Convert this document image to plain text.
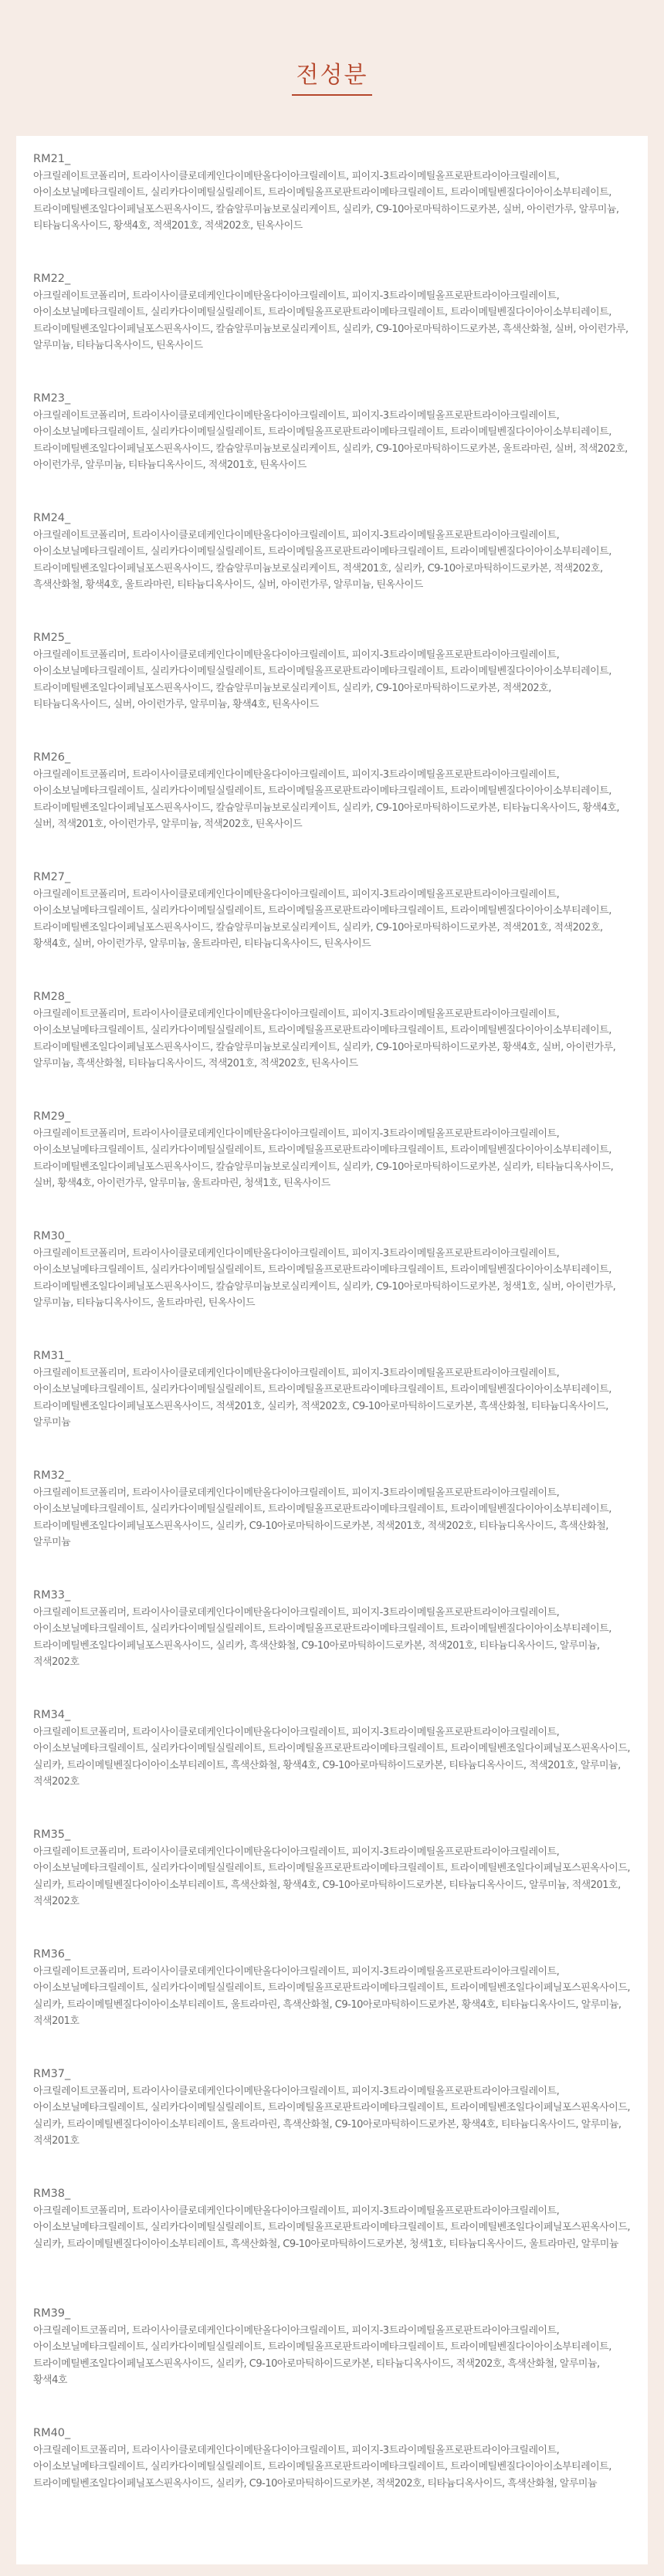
전성분
RM21_
아크릴레이트코폴리머, 트라이사이클로데케인다이메탄올다이아크릴레이트, 피이지-3트라이메틸올프로판트라이아크릴레이트, 아이소보닐메타크릴레이트, 실리카다이메틸실릴레이트, 트라이메틸올프로판트라이메타크릴레이트, 트라이메틸벤질다이아이소부티레이트, 트라이메틸벤조일다이페닐포스핀옥사이드, 칼슘알루미늄보로실리케이트, 실리카, C9-10아로마틱하이드로카본, 실버, 아이런가루, 알루미늄, 티타늄디옥사이드, 황색4호, 적색201호, 적색202호, 틴옥사이드
RM22_
아크릴레이트코폴리머, 트라이사이클로데케인다이메탄올다이아크릴레이트, 피이지-3트라이메틸올프로판트라이아크릴레이트, 아이소보닐메타크릴레이트, 실리카다이메틸실릴레이트, 트라이메틸올프로판트라이메타크릴레이트, 트라이메틸벤질다이아이소부티레이트, 트라이메틸벤조일다이페닐포스핀옥사이드, 칼슘알루미늄보로실리케이트, 실리카, C9-10아로마틱하이드로카본, 흑색산화철, 실버, 아이런가루, 알루미늄, 티타늄디옥사이드, 틴옥사이드
RM23_
아크릴레이트코폴리머, 트라이사이클로데케인다이메탄올다이아크릴레이트, 피이지-3트라이메틸올프로판트라이아크릴레이트, 아이소보닐메타크릴레이트, 실리카다이메틸실릴레이트, 트라이메틸올프로판트라이메타크릴레이트, 트라이메틸벤질다이아이소부티레이트, 트라이메틸벤조일다이페닐포스핀옥사이드, 칼슘알루미늄보로실리케이트, 실리카, C9-10아로마틱하이드로카본, 울트라마린, 실버, 적색202호, 아이런가루, 알루미늄, 티타늄디옥사이드, 적색201호, 틴옥사이드
RM24_
아크릴레이트코폴리머, 트라이사이클로데케인다이메탄올다이아크릴레이트, 피이지-3트라이메틸올프로판트라이아크릴레이트, 아이소보닐메타크릴레이트, 실리카다이메틸실릴레이트, 트라이메틸올프로판트라이메타크릴레이트, 트라이메틸벤질다이아이소부티레이트, 트라이메틸벤조일다이페닐포스핀옥사이드, 칼슘알루미늄보로실리케이트, 적색201호, 실리카, C9-10아로마틱하이드로카본, 적색202호, 흑색산화철, 황색4호, 울트라마린, 티타늄디옥사이드, 실버, 아이런가루, 알루미늄, 틴옥사이드
RM25_
아크릴레이트코폴리머, 트라이사이클로데케인다이메탄올다이아크릴레이트, 피이지-3트라이메틸올프로판트라이아크릴레이트, 아이소보닐메타크릴레이트, 실리카다이메틸실릴레이트, 트라이메틸올프로판트라이메타크릴레이트, 트라이메틸벤질다이아이소부티레이트, 트라이메틸벤조일다이페닐포스핀옥사이드, 칼슘알루미늄보로실리케이트, 실리카, C9-10아로마틱하이드로카본, 적색202호, 티타늄디옥사이드, 실버, 아이런가루, 알루미늄, 황색4호, 틴옥사이드
RM26_
아크릴레이트코폴리머, 트라이사이클로데케인다이메탄올다이아크릴레이트, 피이지-3트라이메틸올프로판트라이아크릴레이트, 아이소보닐메타크릴레이트, 실리카다이메틸실릴레이트, 트라이메틸올프로판트라이메타크릴레이트, 트라이메틸벤질다이아이소부티레이트, 트라이메틸벤조일다이페닐포스핀옥사이드, 칼슘알루미늄보로실리케이트, 실리카, C9-10아로마틱하이드로카본, 티타늄디옥사이드, 황색4호, 실버, 적색201호, 아이런가루, 알루미늄, 적색202호, 틴옥사이드
RM27_
아크릴레이트코폴리머, 트라이사이클로데케인다이메탄올다이아크릴레이트, 피이지-3트라이메틸올프로판트라이아크릴레이트, 아이소보닐메타크릴레이트, 실리카다이메틸실릴레이트, 트라이메틸올프로판트라이메타크릴레이트, 트라이메틸벤질다이아이소부티레이트, 트라이메틸벤조일다이페닐포스핀옥사이드, 칼슘알루미늄보로실리케이트, 실리카, C9-10아로마틱하이드로카본, 적색201호, 적색202호, 황색4호, 실버, 아이런가루, 알루미늄, 울트라마린, 티타늄디옥사이드, 틴옥사이드
RM28_
아크릴레이트코폴리머, 트라이사이클로데케인다이메탄올다이아크릴레이트, 피이지-3트라이메틸올프로판트라이아크릴레이트, 아이소보닐메타크릴레이트, 실리카다이메틸실릴레이트, 트라이메틸올프로판트라이메타크릴레이트, 트라이메틸벤질다이아이소부티레이트, 트라이메틸벤조일다이페닐포스핀옥사이드, 칼슘알루미늄보로실리케이트, 실리카, C9-10아로마틱하이드로카본, 황색4호, 실버, 아이런가루, 알루미늄, 흑색산화철, 티타늄디옥사이드, 적색201호, 적색202호, 틴옥사이드
RM29_
아크릴레이트코폴리머, 트라이사이클로데케인다이메탄올다이아크릴레이트, 피이지-3트라이메틸올프로판트라이아크릴레이트, 아이소보닐메타크릴레이트, 실리카다이메틸실릴레이트, 트라이메틸올프로판트라이메타크릴레이트, 트라이메틸벤질다이아이소부티레이트, 트라이메틸벤조일다이페닐포스핀옥사이드, 칼슘알루미늄보로실리케이트, 실리카, C9-10아로마틱하이드로카본, 실리카, 티타늄디옥사이드, 실버, 황색4호, 아이런가루, 알루미늄, 울트라마린, 청색1호, 틴옥사이드
RM30_
아크릴레이트코폴리머, 트라이사이클로데케인다이메탄올다이아크릴레이트, 피이지-3트라이메틸올프로판트라이아크릴레이트, 아이소보닐메타크릴레이트, 실리카다이메틸실릴레이트, 트라이메틸올프로판트라이메타크릴레이트, 트라이메틸벤질다이아이소부티레이트, 트라이메틸벤조일다이페닐포스핀옥사이드, 칼슘알루미늄보로실리케이트, 실리카, C9-10아로마틱하이드로카본, 청색1호, 실버, 아이런가루, 알루미늄, 티타늄디옥사이드, 울트라마린, 틴옥사이드
RM31_
아크릴레이트코폴리머, 트라이사이클로데케인다이메탄올다이아크릴레이트, 피이지-3트라이메틸올프로판트라이아크릴레이트, 아이소보닐메타크릴레이트, 실리카다이메틸실릴레이트, 트라이메틸올프로판트라이메타크릴레이트, 트라이메틸벤질다이아이소부티레이트, 트라이메틸벤조일다이페닐포스핀옥사이드, 적색201호, 실리카, 적색202호, C9-10아로마틱하이드로카본, 흑색산화철, 티타늄디옥사이드, 알루미늄
RM32_
아크릴레이트코폴리머, 트라이사이클로데케인다이메탄올다이아크릴레이트, 피이지-3트라이메틸올프로판트라이아크릴레이트, 아이소보닐메타크릴레이트, 실리카다이메틸실릴레이트, 트라이메틸올프로판트라이메타크릴레이트, 트라이메틸벤질다이아이소부티레이트, 트라이메틸벤조일다이페닐포스핀옥사이드, 실리카, C9-10아로마틱하이드로카본, 적색201호, 적색202호, 티타늄디옥사이드, 흑색산화철, 알루미늄
RM33_
아크릴레이트코폴리머, 트라이사이클로데케인다이메탄올다이아크릴레이트, 피이지-3트라이메틸올프로판트라이아크릴레이트, 아이소보닐메타크릴레이트, 실리카다이메틸실릴레이트, 트라이메틸올프로판트라이메타크릴레이트, 트라이메틸벤질다이아이소부티레이트, 트라이메틸벤조일다이페닐포스핀옥사이드, 실리카, 흑색산화철, C9-10아로마틱하이드로카본, 적색201호, 티타늄디옥사이드, 알루미늄, 적색202호
RM34_
아크릴레이트코폴리머, 트라이사이클로데케인다이메탄올다이아크릴레이트, 피이지-3트라이메틸올프로판트라이아크릴레이트, 아이소보닐메타크릴레이트, 실리카다이메틸실릴레이트, 트라이메틸올프로판트라이메타크릴레이트, 트라이메틸벤조일다이페닐포스핀옥사이드, 실리카, 트라이메틸벤질다이아이소부티레이트, 흑색산화철, 황색4호, C9-10아로마틱하이드로카본, 티타늄디옥사이드, 적색201호, 알루미늄, 적색202호
RM35_
아크릴레이트코폴리머, 트라이사이클로데케인다이메탄올다이아크릴레이트, 피이지-3트라이메틸올프로판트라이아크릴레이트, 아이소보닐메타크릴레이트, 실리카다이메틸실릴레이트, 트라이메틸올프로판트라이메타크릴레이트, 트라이메틸벤조일다이페닐포스핀옥사이드, 실리카, 트라이메틸벤질다이아이소부티레이트, 흑색산화철, 황색4호, C9-10아로마틱하이드로카본, 티타늄디옥사이드, 알루미늄, 적색201호, 적색202호
RM36_
아크릴레이트코폴리머, 트라이사이클로데케인다이메탄올다이아크릴레이트, 피이지-3트라이메틸올프로판트라이아크릴레이트, 아이소보닐메타크릴레이트, 실리카다이메틸실릴레이트, 트라이메틸올프로판트라이메타크릴레이트, 트라이메틸벤조일다이페닐포스핀옥사이드, 실리카, 트라이메틸벤질다이아이소부티레이트, 울트라마린, 흑색산화철, C9-10아로마틱하이드로카본, 황색4호, 티타늄디옥사이드, 알루미늄, 적색201호
RM37_
아크릴레이트코폴리머, 트라이사이클로데케인다이메탄올다이아크릴레이트, 피이지-3트라이메틸올프로판트라이아크릴레이트, 아이소보닐메타크릴레이트, 실리카다이메틸실릴레이트, 트라이메틸올프로판트라이메타크릴레이트, 트라이메틸벤조일다이페닐포스핀옥사이드, 실리카, 트라이메틸벤질다이아이소부티레이트, 울트라마린, 흑색산화철, C9-10아로마틱하이드로카본, 황색4호, 티타늄디옥사이드, 알루미늄, 적색201호
RM38_
아크릴레이트코폴리머, 트라이사이클로데케인다이메탄올다이아크릴레이트, 피이지-3트라이메틸올프로판트라이아크릴레이트, 아이소보닐메타크릴레이트, 실리카다이메틸실릴레이트, 트라이메틸올프로판트라이메타크릴레이트, 트라이메틸벤조일다이페닐포스핀옥사이드, 실리카, 트라이메틸벤질다이아이소부티레이트, 흑색산화철, C9-10아로마틱하이드로카본, 청색1호, 티타늄디옥사이드, 울트라마린, 알루미늄
RM39_
아크릴레이트코폴리머, 트라이사이클로데케인다이메탄올다이아크릴레이트, 피이지-3트라이메틸올프로판트라이아크릴레이트, 아이소보닐메타크릴레이트, 실리카다이메틸실릴레이트, 트라이메틸올프로판트라이메타크릴레이트, 트라이메틸벤질다이아이소부티레이트, 트라이메틸벤조일다이페닐포스핀옥사이드, 실리카, C9-10아로마틱하이드로카본, 티타늄디옥사이드, 적색202호, 흑색산화철, 알루미늄, 황색4호
RM40_
아크릴레이트코폴리머, 트라이사이클로데케인다이메탄올다이아크릴레이트, 피이지-3트라이메틸올프로판트라이아크릴레이트, 아이소보닐메타크릴레이트, 실리카다이메틸실릴레이트, 트라이메틸올프로판트라이메타크릴레이트, 트라이메틸벤질다이아이소부티레이트, 트라이메틸벤조일다이페닐포스핀옥사이드, 실리카, C9-10아로마틱하이드로카본, 적색202호, 티타늄디옥사이드, 흑색산화철, 알루미늄
